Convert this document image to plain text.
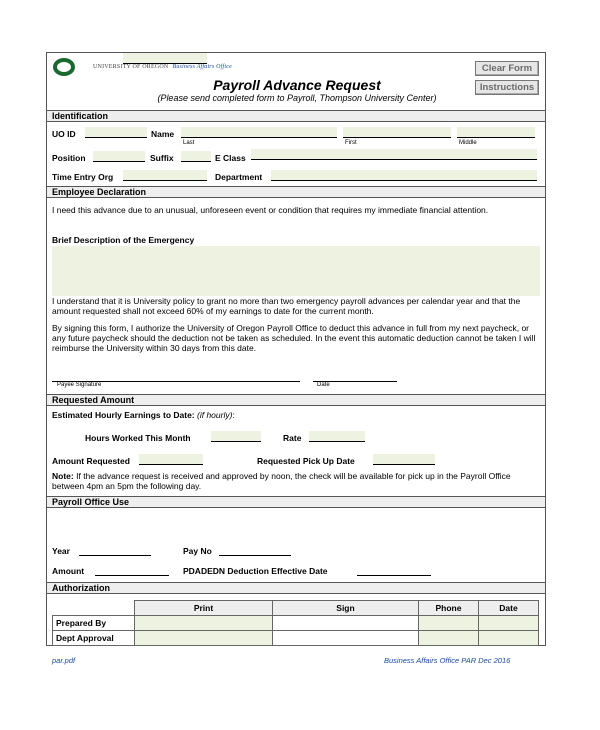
UNIVERSITY OF OREGON Business Affairs Office
Payroll Advance Request
(Please send completed form to Payroll, Thompson University Center)
Clear Form
Instructions
Identification
UO ID	Name
Last	First	Middle
Position	Suffix	E Class
Time Entry Org	Department
Employee Declaration
I need this advance due to an unusual, unforeseen event or condition that requires my immediate financial attention.
Brief Description of the Emergency
I understand that it is University policy to grant no more than two emergency payroll advances per calendar year and that the amount requested shall not exceed 60% of my earnings to date for the current month.
By signing this form, I authorize the University of Oregon Payroll Office to deduct this advance in full from my next paycheck, or any future paycheck should the deduction not be taken as scheduled. In the event this automatic deduction cannot be taken I will reimburse the University within 30 days from this date.
Payee Signature	Date
Requested Amount
Estimated Hourly Earnings to Date: (if hourly):
Hours Worked This Month	Rate
Amount Requested	Requested Pick Up Date
Note: If the advance request is received and approved by noon, the check will be available for pick up in the Payroll Office between 4pm an 5pm the following day.
Payroll Office Use
Year	Pay No
Amount	PDADEDN Deduction Effective Date
Authorization
	Print	Sign	Phone	Date
Prepared By				
Dept Approval				
par.pdf	Business Affairs Office PAR Dec 2016
